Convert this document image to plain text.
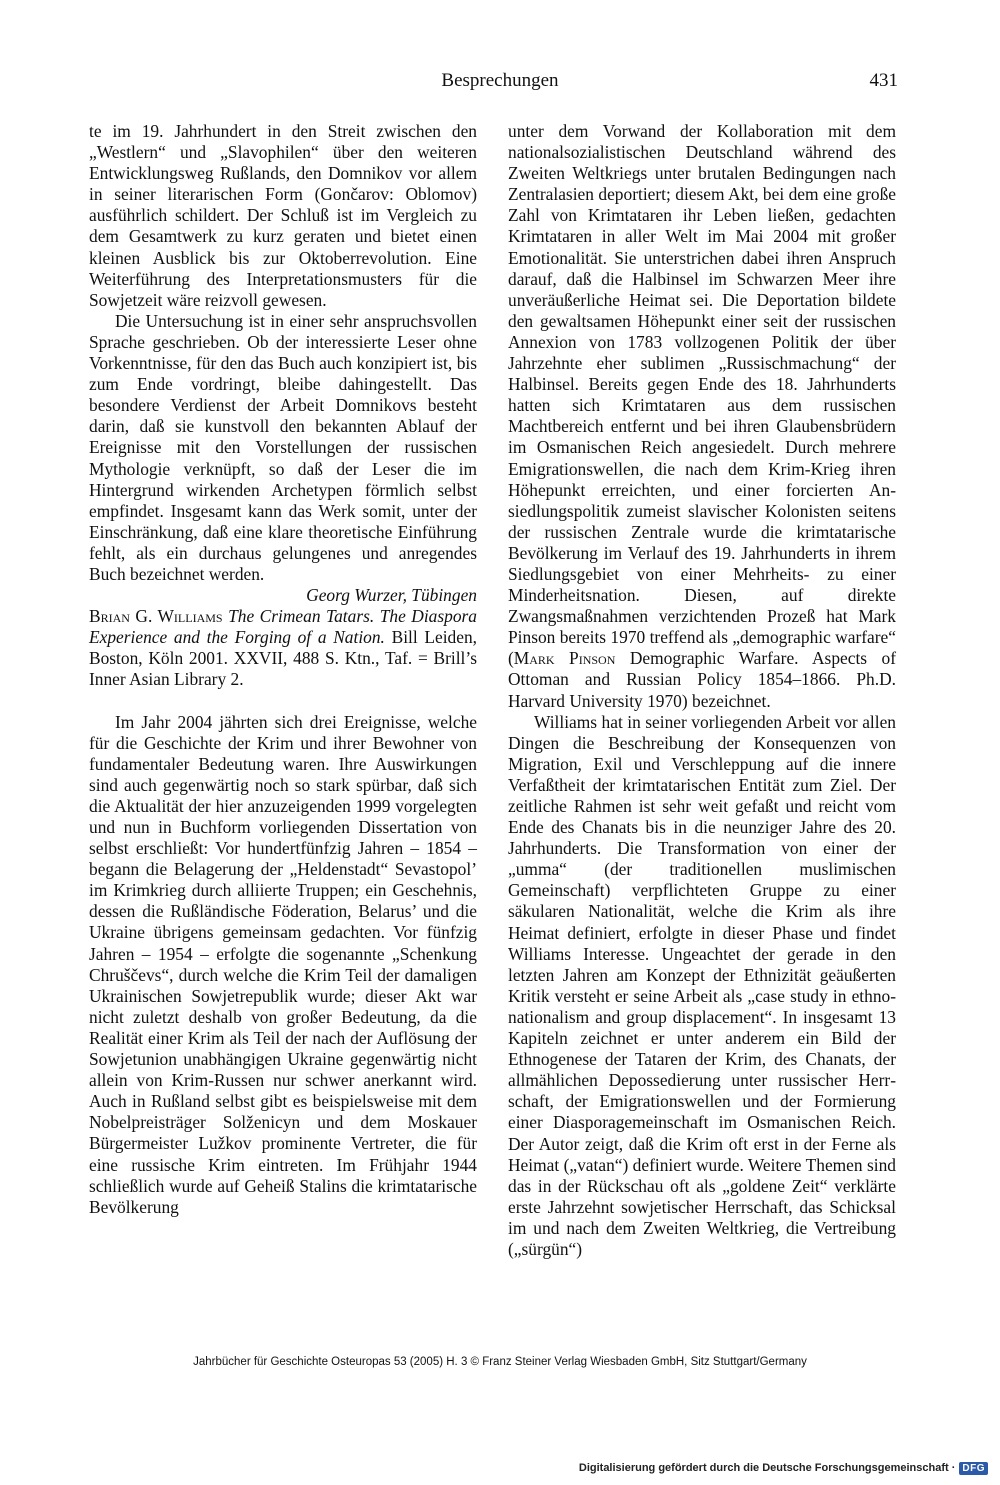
Besprechungen	431

te im 19. Jahrhundert in den Streit zwischen den „Westlern“ und „Slavophilen“ über den weiteren Entwicklungsweg Rußlands, den Domnikov vor allem in seiner literarischen Form (Gončarov: Oblomov) ausführlich schildert. Der Schluß ist im Vergleich zu dem Gesamtwerk zu kurz geraten und bietet einen kleinen Ausblick bis zur Oktoberrevolution. Eine Weiterführung des Interpretationsmusters für die Sowjetzeit wäre reizvoll gewesen.

Die Untersuchung ist in einer sehr anspruchsvollen Sprache geschrieben. Ob der interessierte Leser ohne Vorkenntnisse, für den das Buch auch konzipiert ist, bis zum Ende vordringt, bleibe dahingestellt. Das besondere Verdienst der Arbeit Domnikovs besteht darin, daß sie kunstvoll den bekannten Ablauf der Ereignisse mit den Vorstellungen der russischen Mythologie verknüpft, so daß der Leser die im Hintergrund wirkenden Archetypen förmlich selbst empfindet. Insgesamt kann das Werk somit, unter der Einschränkung, daß eine klare theoretische Einführung fehlt, als ein durchaus gelungenes und anregendes Buch bezeichnet werden.

Georg Wurzer, Tübingen

Brian G. Williams The Crimean Tatars. The Diaspora Experience and the Forging of a Nation. Bill Leiden, Boston, Köln 2001. XXVII, 488 S. Ktn., Taf. = Brill’s Inner Asian Library 2.

Im Jahr 2004 jährten sich drei Ereignisse, welche für die Geschichte der Krim und ihrer Bewohner von fundamentaler Bedeutung waren. Ihre Auswirkungen sind auch gegenwärtig noch so stark spürbar, daß sich die Aktualität der hier anzuzeigenden 1999 vorgelegten und nun in Buchform vorliegenden Dissertation von selbst erschließt: Vor hundertfünfzig Jahren – 1854 – begann die Belagerung der „Heldenstadt“ Sevastopol’ im Krimkrieg durch alliierte Truppen; ein Geschehnis, dessen die Rußländische Föderation, Belarus’ und die Ukraine übrigens gemeinsam gedachten. Vor fünfzig Jahren – 1954 – erfolgte die sogenannte „Schenkung Chruščevs“, durch welche die Krim Teil der damaligen Ukrainischen Sowjetrepublik wurde; dieser Akt war nicht zuletzt deshalb von großer Bedeutung, da die Realität einer Krim als Teil der nach der Auflösung der Sowjetunion unabhängigen Ukraine gegenwärtig nicht allein von Krim-Russen nur schwer anerkannt wird. Auch in Rußland selbst gibt es beispielsweise mit dem Nobelpreisträger Solženicyn und dem Moskauer Bürgermeister Lužkov prominente Vertreter, die für eine russische Krim eintreten. Im Frühjahr 1944 schließlich wurde auf Geheiß Stalins die krimtatarische Bevölkerung

unter dem Vorwand der Kollaboration mit dem nationalsozialistischen Deutschland während des Zweiten Weltkriegs unter brutalen Bedingungen nach Zentralasien deportiert; diesem Akt, bei dem eine große Zahl von Krimtataren ihr Leben ließen, gedachten Krimtataren in aller Welt im Mai 2004 mit großer Emotionalität. Sie unterstrichen dabei ihren Anspruch darauf, daß die Halbinsel im Schwarzen Meer ihre unveräußerliche Heimat sei. Die Deportation bildete den gewaltsamen Höhepunkt einer seit der russischen Annexion von 1783 vollzogenen Politik der über Jahrzehnte eher sublimen „Russischmachung“ der Halbinsel. Bereits gegen Ende des 18. Jahrhunderts hatten sich Krimtataren aus dem russischen Machtbereich entfernt und bei ihren Glaubensbrüdern im Osmanischen Reich angesiedelt. Durch mehrere Emigrationswellen, die nach dem Krim-Krieg ihren Höhepunkt erreichten, und einer forcierten Ansiedlungspolitik zumeist slavischer Kolonisten seitens der russischen Zentrale wurde die krimtatarische Bevölkerung im Verlauf des 19. Jahrhunderts in ihrem Siedlungsgebiet von einer Mehrheits- zu einer Minderheitsnation. Diesen, auf direkte Zwangsmaßnahmen verzichtenden Prozeß hat Mark Pinson bereits 1970 treffend als „demographic warfare“ (Mark Pinson Demographic Warfare. Aspects of Ottoman and Russian Policy 1854–1866. Ph.D. Harvard University 1970) bezeichnet.

Williams hat in seiner vorliegenden Arbeit vor allen Dingen die Beschreibung der Konsequenzen von Migration, Exil und Verschleppung auf die innere Verfaßtheit der krimtatarischen Entität zum Ziel. Der zeitliche Rahmen ist sehr weit gefaßt und reicht vom Ende des Chanats bis in die neunziger Jahre des 20. Jahrhunderts. Die Transformation von einer der „umma“ (der traditionellen muslimischen Gemeinschaft) verpflichteten Gruppe zu einer säkularen Nationalität, welche die Krim als ihre Heimat definiert, erfolgte in dieser Phase und findet Williams Interesse. Ungeachtet der gerade in den letzten Jahren am Konzept der Ethnizität geäußerten Kritik versteht er seine Arbeit als „case study in ethno-nationalism and group displacement“. In insgesamt 13 Kapiteln zeichnet er unter anderem ein Bild der Ethnogenese der Tataren der Krim, des Chanats, der allmählichen Depossedierung unter russischer Herrschaft, der Emigrationswellen und der Formierung einer Diasporagemeinschaft im Osmanischen Reich. Der Autor zeigt, daß die Krim oft erst in der Ferne als Heimat („vatan“) definiert wurde. Weitere Themen sind das in der Rückschau oft als „goldene Zeit“ verklärte erste Jahrzehnt sowjetischer Herrschaft, das Schicksal im und nach dem Zweiten Weltkrieg, die Vertreibung („sürgün“)

Jahrbücher für Geschichte Osteuropas 53 (2005) H. 3 © Franz Steiner Verlag Wiesbaden GmbH, Sitz Stuttgart/Germany
Digitalisierung gefördert durch die Deutsche Forschungsgemeinschaft · DFG
